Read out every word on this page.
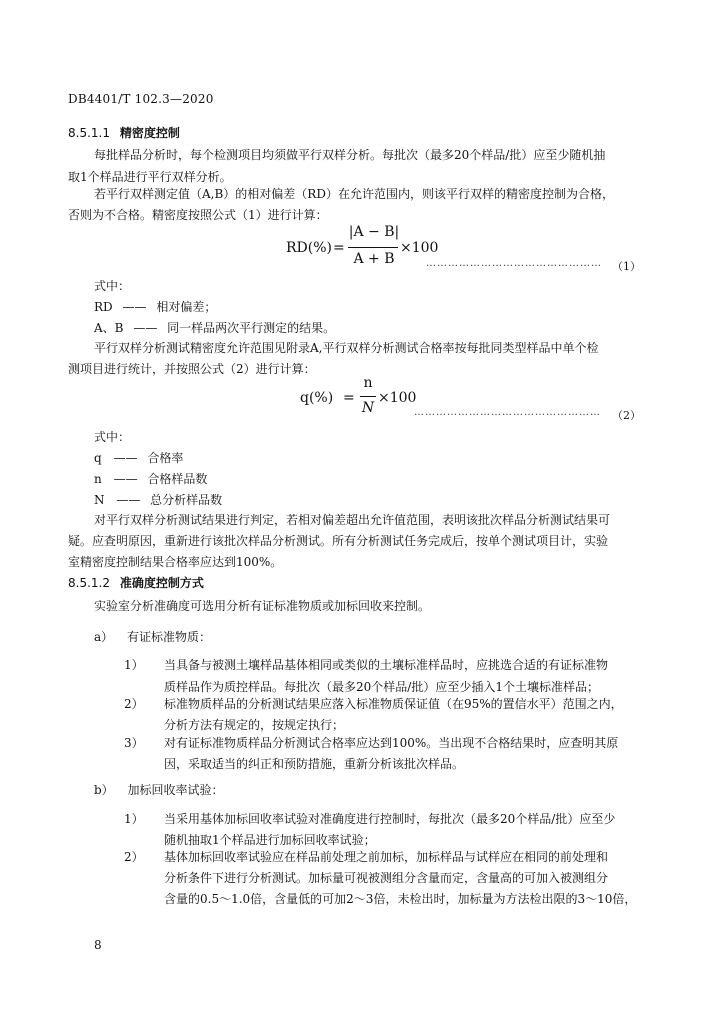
DB4401/T 102.3—2020
8.5.1.1 精密度控制
每批样品分析时，每个检测项目均须做平行双样分析。每批次（最多20个样品/批）应至少随机抽
取1个样品进行平行双样分析。
若平行双样测定值（A,B）的相对偏差（RD）在允许范围内，则该平行双样的精密度控制为合格，
否则为不合格。精密度按照公式（1）进行计算：
RD(%) =
|A − B|
A + B
×100
………………………………………… （1）
式中：
RD —— 相对偏差；
A、B —— 同一样品两次平行测定的结果。
平行双样分析测试精密度允许范围见附录A,平行双样分析测试合格率按每批同类型样品中单个检
测项目进行统计，并按照公式（2）进行计算：
q(%) =
n
N
×100
…………………………………………… （2）
式中：
q —— 合格率
n —— 合格样品数
N —— 总分析样品数
对平行双样分析测试结果进行判定，若相对偏差超出允许值范围，表明该批次样品分析测试结果可
疑。应查明原因，重新进行该批次样品分析测试。所有分析测试任务完成后，按单个测试项目计，实验
室精密度控制结果合格率应达到100%。
8.5.1.2 准确度控制方式
实验室分析准确度可选用分析有证标准物质或加标回收来控制。
a） 有证标准物质：
1） 当具备与被测土壤样品基体相同或类似的土壤标准样品时，应挑选合适的有证标准物
质样品作为质控样品。每批次（最多20个样品/批）应至少插入1个土壤标准样品；
2） 标准物质样品的分析测试结果应落入标准物质保证值（在95%的置信水平）范围之内，
分析方法有规定的，按规定执行；
3） 对有证标准物质样品分析测试合格率应达到100%。当出现不合格结果时，应查明其原
因，采取适当的纠正和预防措施，重新分析该批次样品。
b） 加标回收率试验：
1） 当采用基体加标回收率试验对准确度进行控制时，每批次（最多20个样品/批）应至少
随机抽取1个样品进行加标回收率试验；
2） 基体加标回收率试验应在样品前处理之前加标，加标样品与试样应在相同的前处理和
分析条件下进行分析测试。加标量可视被测组分含量而定，含量高的可加入被测组分
含量的0.5～1.0倍，含量低的可加2～3倍，未检出时，加标量为方法检出限的3～10倍，
8
